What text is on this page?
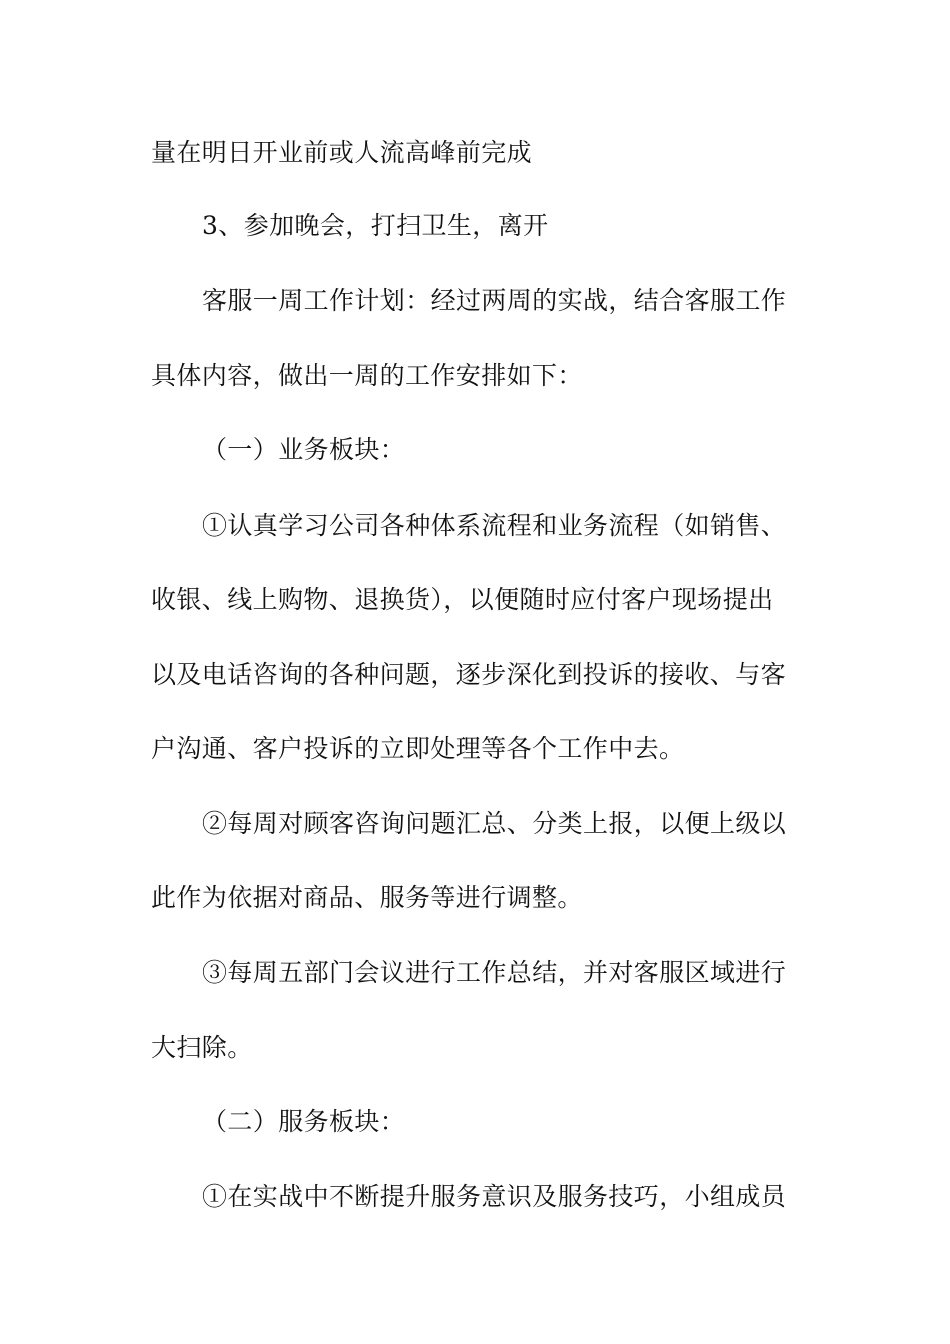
量在明日开业前或人流高峰前完成
3、参加晚会，打扫卫生，离开
客服一周工作计划：经过两周的实战，结合客服工作
具体内容，做出一周的工作安排如下：
（一）业务板块：
①认真学习公司各种体系流程和业务流程（如销售、
收银、线上购物、退换货），以便随时应付客户现场提出
以及电话咨询的各种问题，逐步深化到投诉的接收、与客
户沟通、客户投诉的立即处理等各个工作中去。
②每周对顾客咨询问题汇总、分类上报，以便上级以
此作为依据对商品、服务等进行调整。
③每周五部门会议进行工作总结，并对客服区域进行
大扫除。
（二）服务板块：
①在实战中不断提升服务意识及服务技巧，小组成员
